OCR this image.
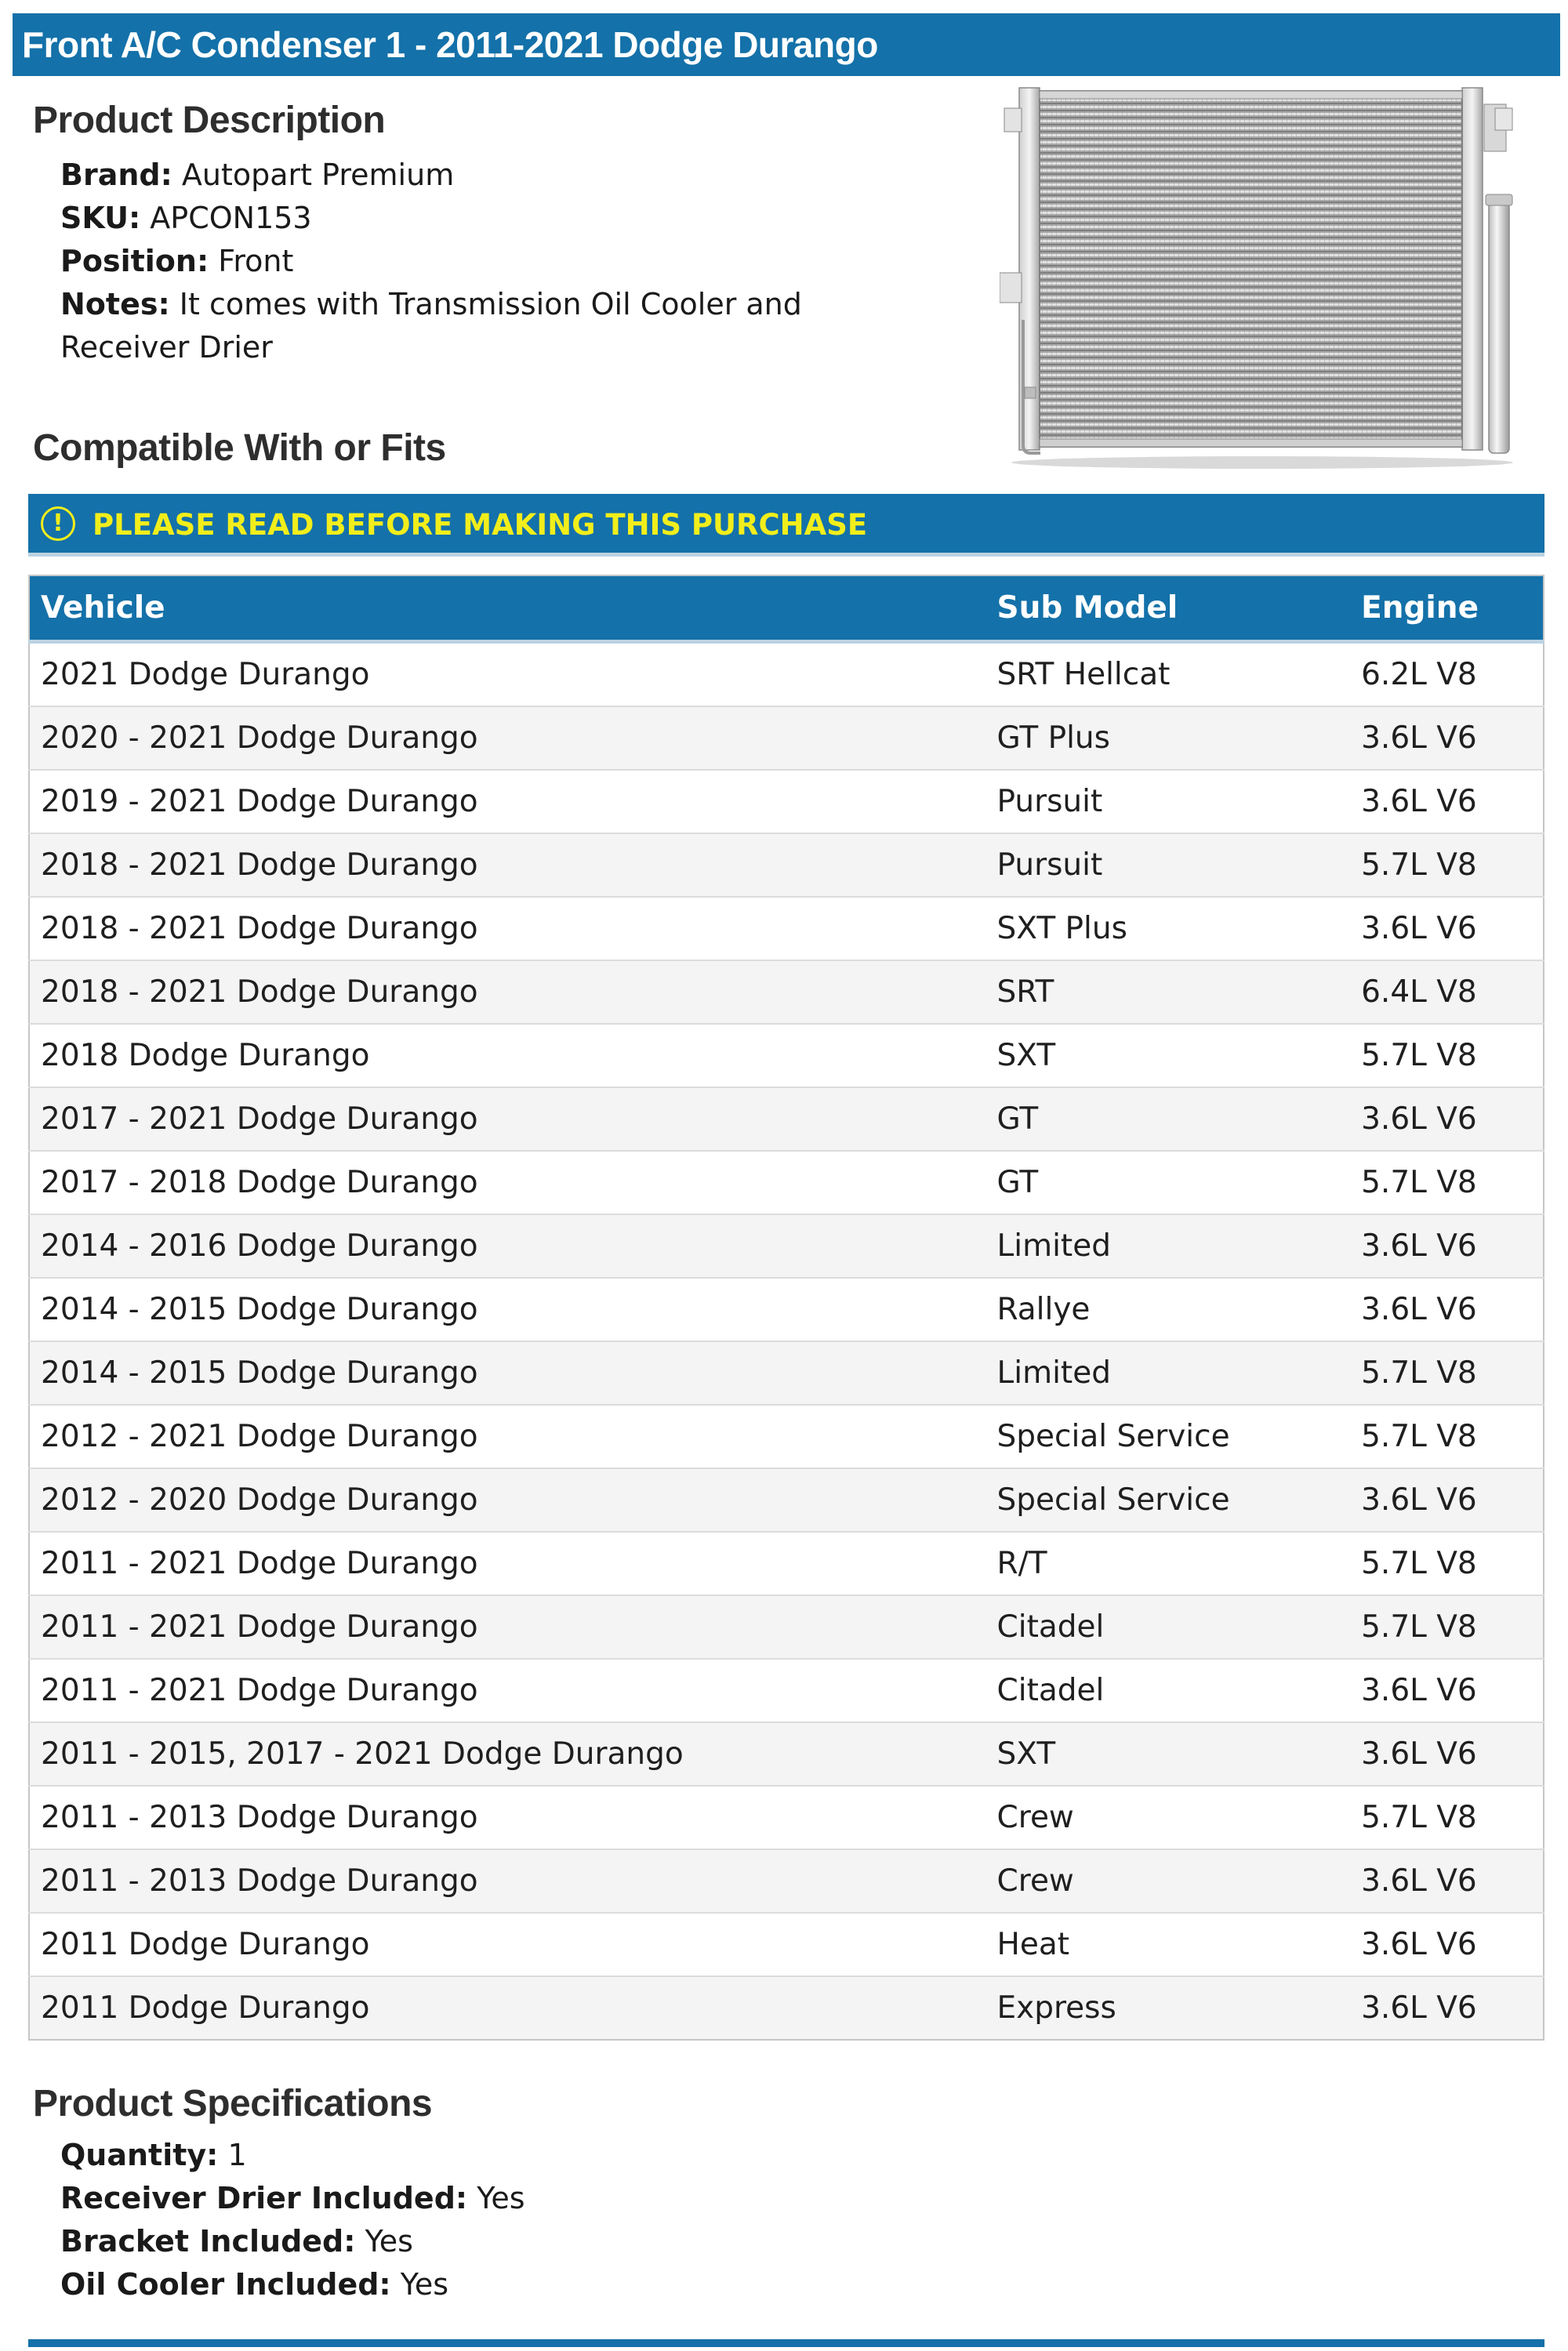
Front A/C Condenser 1 - 2011-2021 Dodge Durango
Product Description
Brand: Autopart Premium
SKU: APCON153
Position: Front
Notes: It comes with Transmission Oil Cooler and Receiver Drier
Compatible With or Fits
!	PLEASE READ BEFORE MAKING THIS PURCHASE
Vehicle	Sub Model	Engine
2021 Dodge Durango	SRT Hellcat	6.2L V8
2020 - 2021 Dodge Durango	GT Plus	3.6L V6
2019 - 2021 Dodge Durango	Pursuit	3.6L V6
2018 - 2021 Dodge Durango	Pursuit	5.7L V8
2018 - 2021 Dodge Durango	SXT Plus	3.6L V6
2018 - 2021 Dodge Durango	SRT	6.4L V8
2018 Dodge Durango	SXT	5.7L V8
2017 - 2021 Dodge Durango	GT	3.6L V6
2017 - 2018 Dodge Durango	GT	5.7L V8
2014 - 2016 Dodge Durango	Limited	3.6L V6
2014 - 2015 Dodge Durango	Rallye	3.6L V6
2014 - 2015 Dodge Durango	Limited	5.7L V8
2012 - 2021 Dodge Durango	Special Service	5.7L V8
2012 - 2020 Dodge Durango	Special Service	3.6L V6
2011 - 2021 Dodge Durango	R/T	5.7L V8
2011 - 2021 Dodge Durango	Citadel	5.7L V8
2011 - 2021 Dodge Durango	Citadel	3.6L V6
2011 - 2015, 2017 - 2021 Dodge Durango	SXT	3.6L V6
2011 - 2013 Dodge Durango	Crew	5.7L V8
2011 - 2013 Dodge Durango	Crew	3.6L V6
2011 Dodge Durango	Heat	3.6L V6
2011 Dodge Durango	Express	3.6L V6
Product Specifications
Quantity: 1
Receiver Drier Included: Yes
Bracket Included: Yes
Oil Cooler Included: Yes
